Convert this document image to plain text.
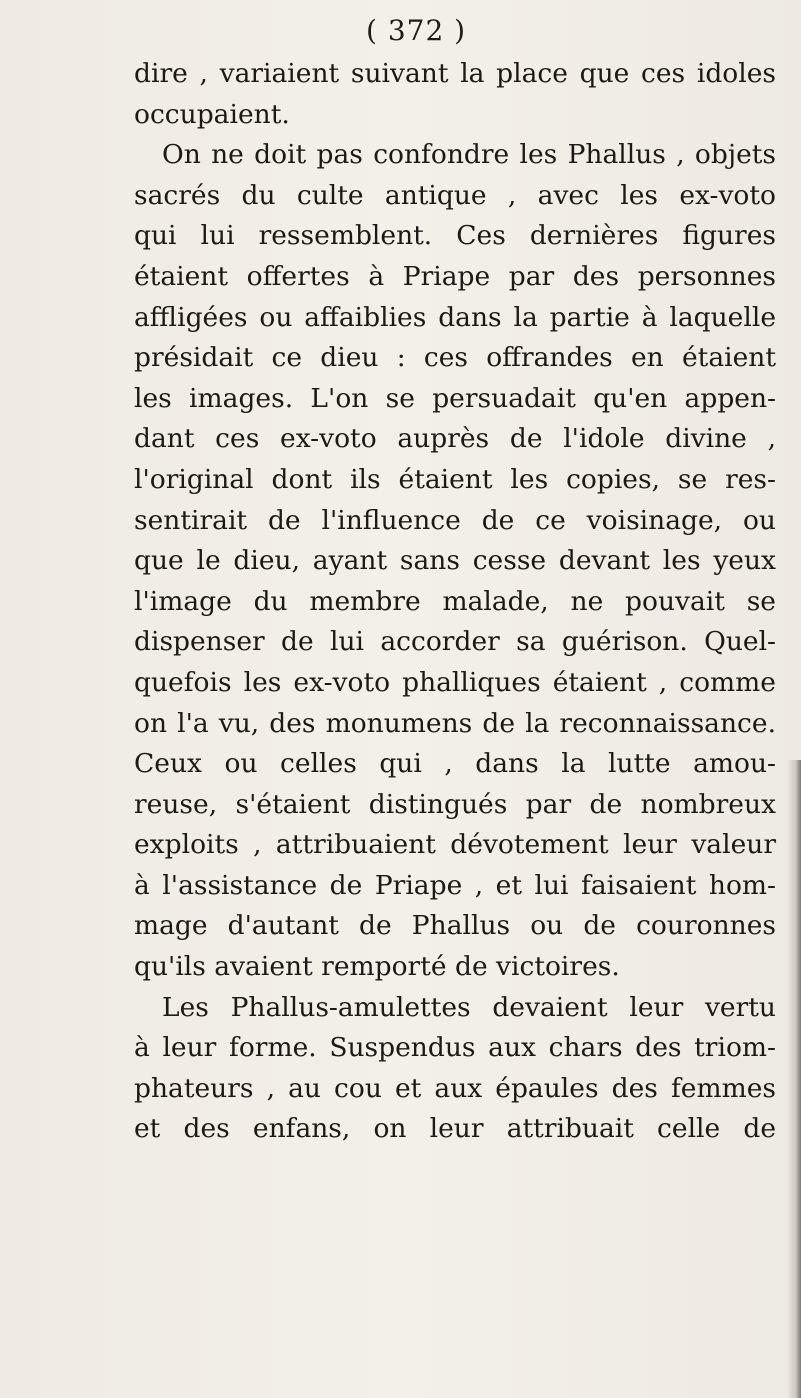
( 372 )
dire , variaient suivant la place que ces idoles
occupaient.
On ne doit pas confondre les Phallus , objets
sacrés du culte antique , avec les ex-voto
qui lui ressemblent. Ces dernières figures
étaient offertes à Priape par des personnes
affligées ou affaiblies dans la partie à laquelle
présidait ce dieu : ces offrandes en étaient
les images. L'on se persuadait qu'en appen-
dant ces ex-voto auprès de l'idole divine ,
l'original dont ils étaient les copies, se res-
sentirait de l'influence de ce voisinage, ou
que le dieu, ayant sans cesse devant les yeux
l'image du membre malade, ne pouvait se
dispenser de lui accorder sa guérison. Quel-
quefois les ex-voto phalliques étaient , comme
on l'a vu, des monumens de la reconnaissance.
Ceux ou celles qui , dans la lutte amou-
reuse, s'étaient distingués par de nombreux
exploits , attribuaient dévotement leur valeur
à l'assistance de Priape , et lui faisaient hom-
mage d'autant de Phallus ou de couronnes
qu'ils avaient remporté de victoires.
Les Phallus-amulettes devaient leur vertu
à leur forme. Suspendus aux chars des triom-
phateurs , au cou et aux épaules des femmes
et des enfans, on leur attribuait celle de
